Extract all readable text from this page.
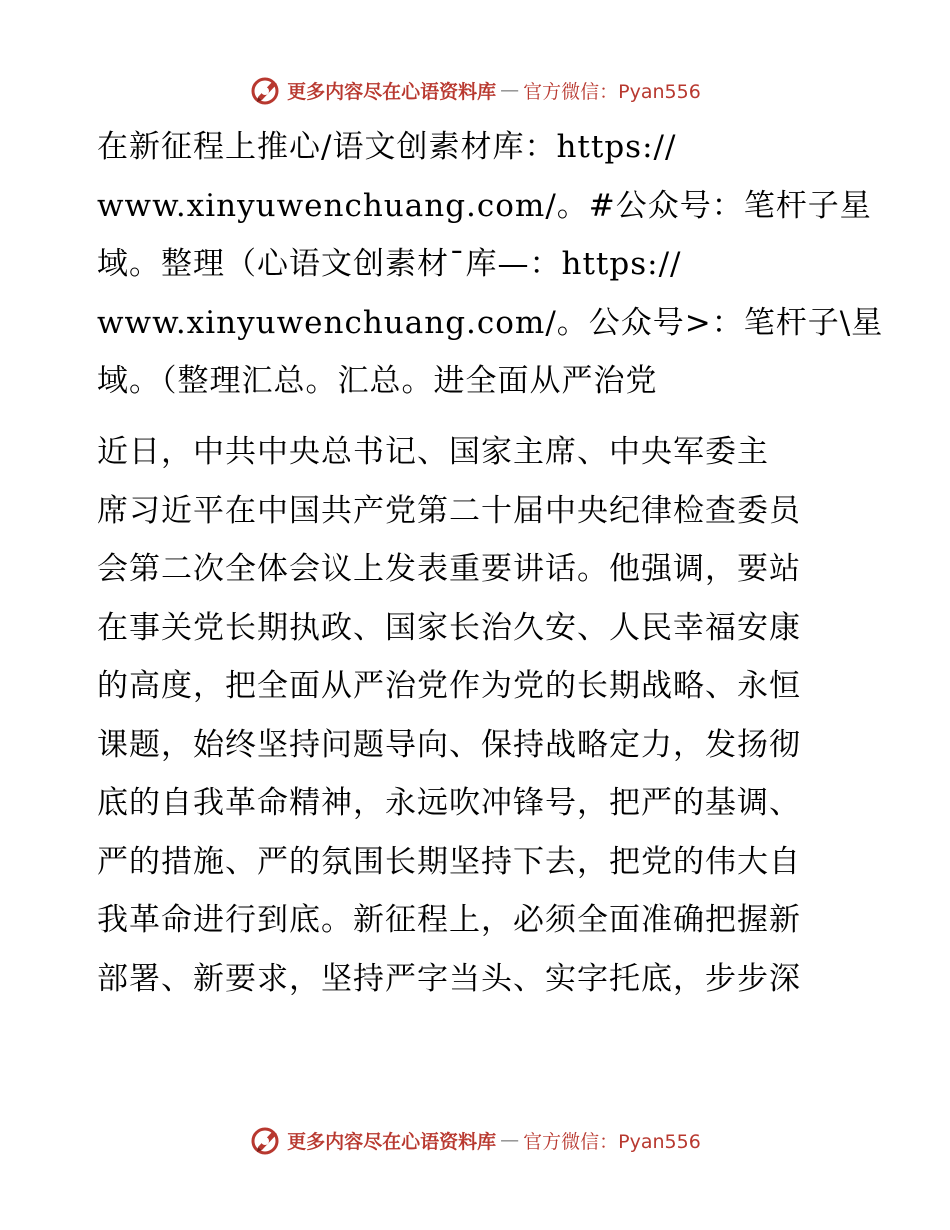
更多内容尽在心语资料库 — 官方微信：Pyan556
在新征程上推心/语文创素材库：https://
www.xinyuwenchuang.com/。#公众号：笔杆子星
域。整理（心语文创素材¯库—：https://
www.xinyuwenchuang.com/。公众号>：笔杆子\星
域。（整理汇总。汇总。进全面从严治党
近日，中共中央总书记、国家主席、中央军委主
席习近平在中国共产党第二十届中央纪律检查委员
会第二次全体会议上发表重要讲话。他强调，要站
在事关党长期执政、国家长治久安、人民幸福安康
的高度，把全面从严治党作为党的长期战略、永恒
课题，始终坚持问题导向、保持战略定力，发扬彻
底的自我革命精神，永远吹冲锋号，把严的基调、
严的措施、严的氛围长期坚持下去，把党的伟大自
我革命进行到底。新征程上，必须全面准确把握新
部署、新要求，坚持严字当头、实字托底，步步深
更多内容尽在心语资料库 — 官方微信：Pyan556
